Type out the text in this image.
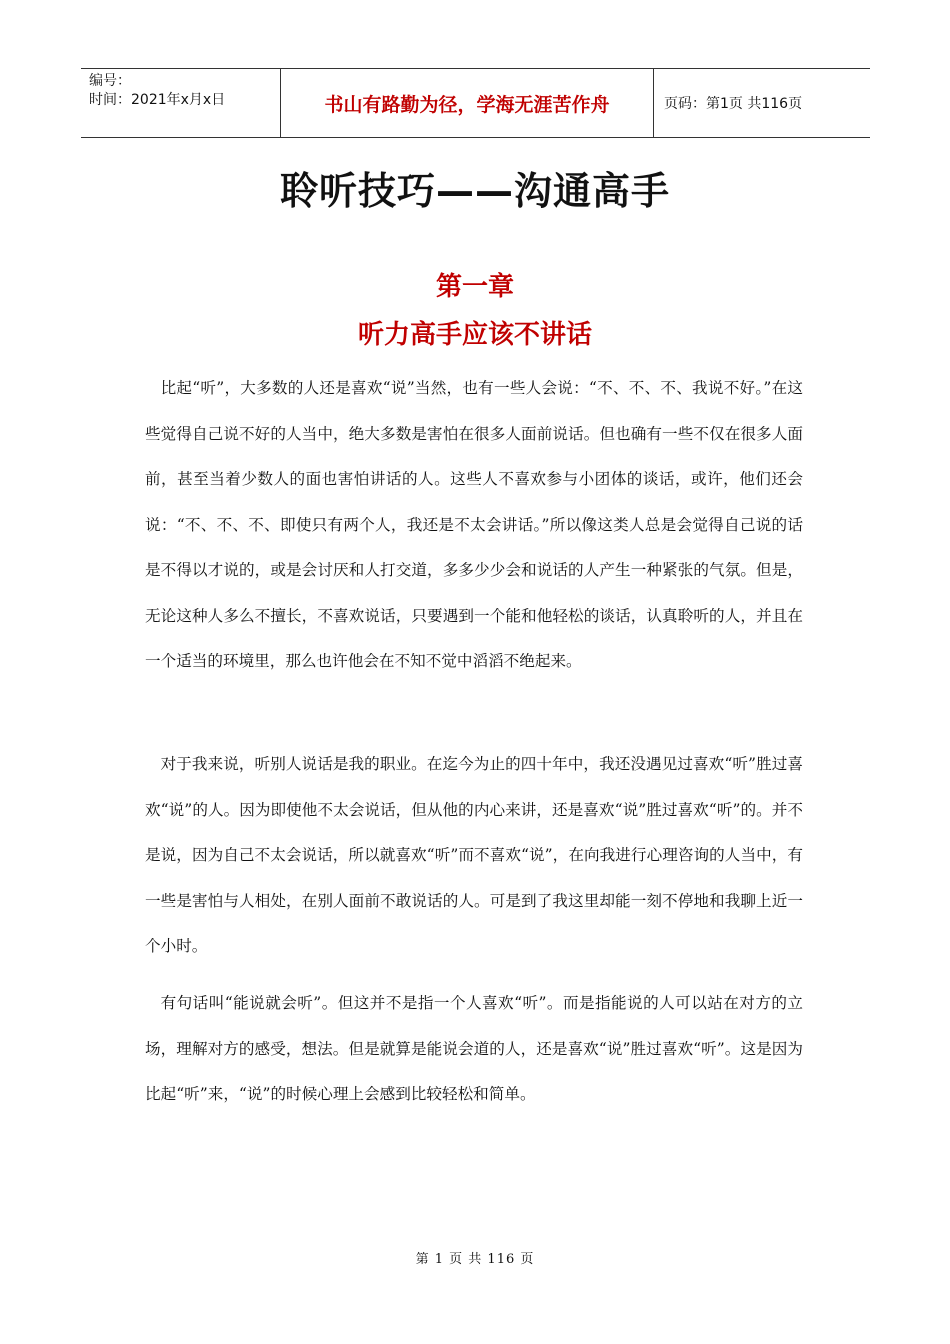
编号：
时间：2021年x月x日	书山有路勤为径，学海无涯苦作舟	页码：第1页 共116页
聆听技巧——沟通高手
第一章
听力高手应该不讲话
比起“听”，大多数的人还是喜欢“说”当然，也有一些人会说：“不、不、不、我说不好。”在这些觉得自己说不好的人当中，绝大多数是害怕在很多人面前说话。但也确有一些不仅在很多人面前，甚至当着少数人的面也害怕讲话的人。这些人不喜欢参与小团体的谈话，或许，他们还会说：“不、不、不、即使只有两个人，我还是不太会讲话。”所以像这类人总是会觉得自己说的话是不得以才说的，或是会讨厌和人打交道，多多少少会和说话的人产生一种紧张的气氛。但是，无论这种人多么不擅长，不喜欢说话，只要遇到一个能和他轻松的谈话，认真聆听的人，并且在一个适当的环境里，那么也许他会在不知不觉中滔滔不绝起来。
对于我来说，听别人说话是我的职业。在迄今为止的四十年中，我还没遇见过喜欢“听”胜过喜欢“说”的人。因为即使他不太会说话，但从他的内心来讲，还是喜欢“说”胜过喜欢“听”的。并不是说，因为自己不太会说话，所以就喜欢“听”而不喜欢“说”，在向我进行心理咨询的人当中，有一些是害怕与人相处，在别人面前不敢说话的人。可是到了我这里却能一刻不停地和我聊上近一个小时。
有句话叫“能说就会听”。但这并不是指一个人喜欢“听”。而是指能说的人可以站在对方的立场，理解对方的感受，想法。但是就算是能说会道的人，还是喜欢“说”胜过喜欢“听”。这是因为比起“听”来，“说”的时候心理上会感到比较轻松和简单。
第 1 页 共 116 页
